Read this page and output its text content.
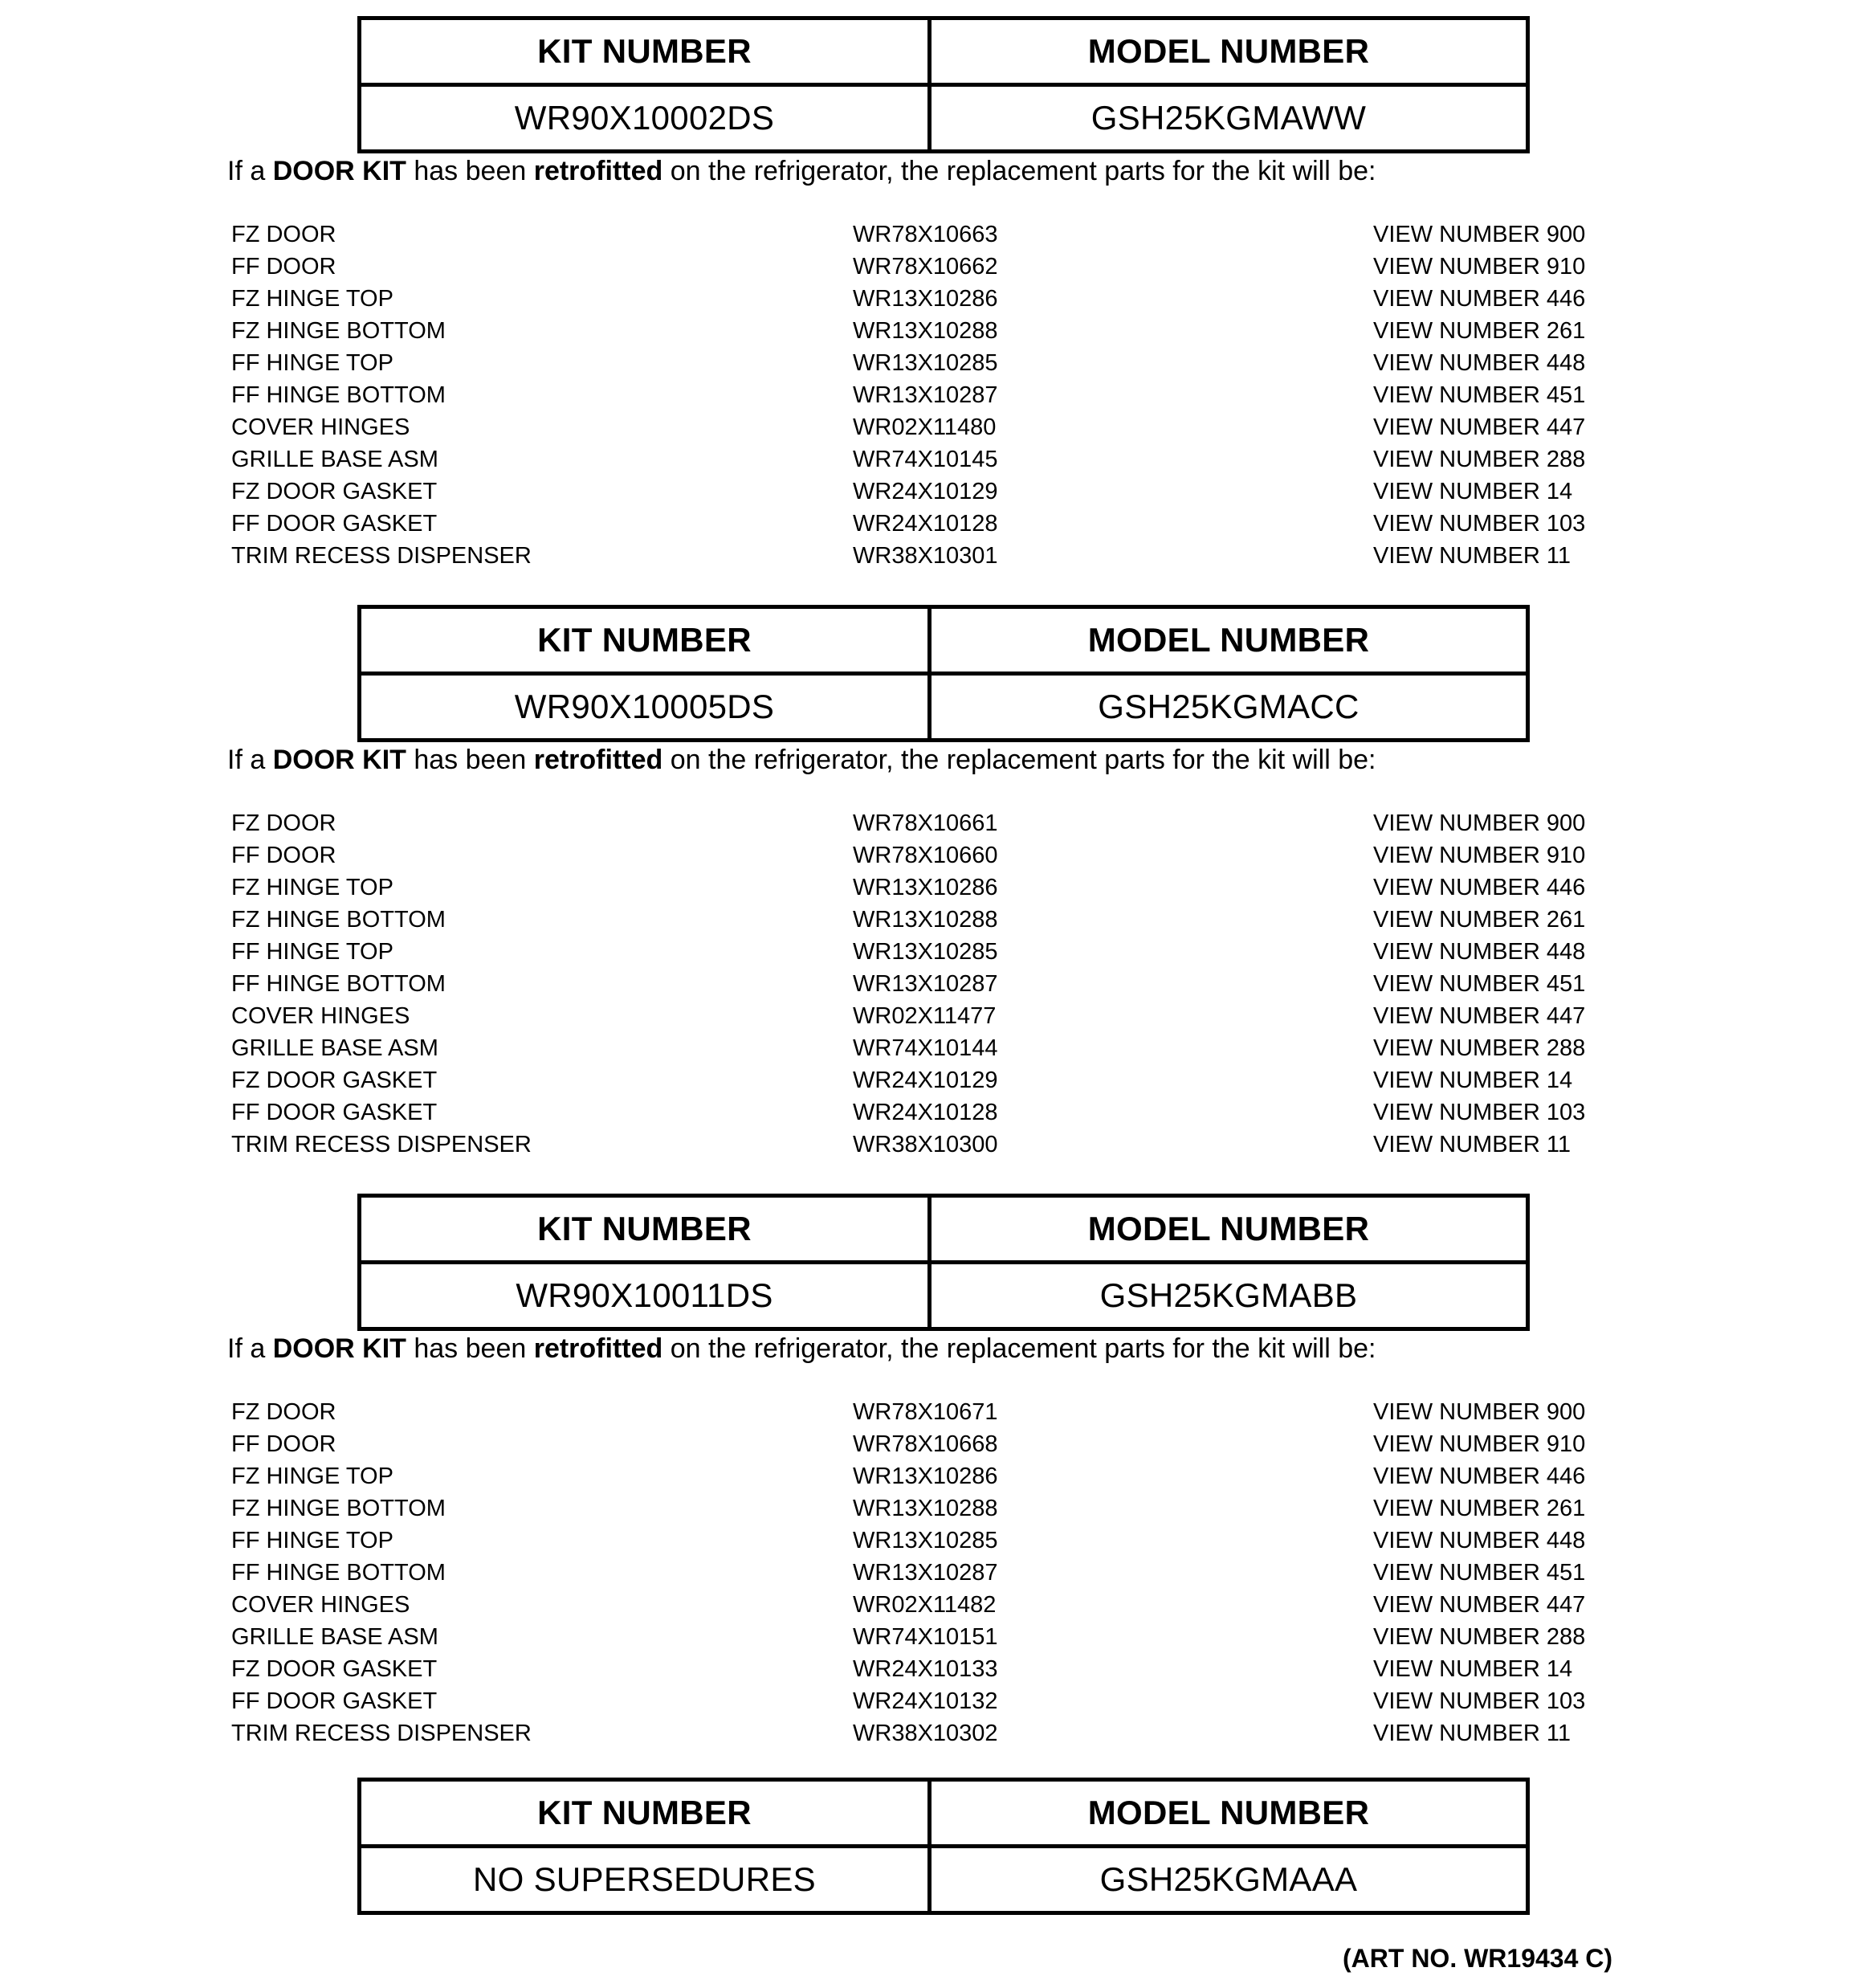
KIT NUMBER	MODEL NUMBER
WR90X10002DS	GSH25KGMAWW
If a DOOR KIT has been retrofitted on the refrigerator, the replacement parts for the kit will be:
FZ DOOR	WR78X10663	VIEW NUMBER 900
FF DOOR	WR78X10662	VIEW NUMBER 910
FZ HINGE TOP	WR13X10286	VIEW NUMBER 446
FZ HINGE BOTTOM	WR13X10288	VIEW NUMBER 261
FF HINGE TOP	WR13X10285	VIEW NUMBER 448
FF HINGE BOTTOM	WR13X10287	VIEW NUMBER 451
COVER HINGES	WR02X11480	VIEW NUMBER 447
GRILLE BASE ASM	WR74X10145	VIEW NUMBER 288
FZ DOOR GASKET	WR24X10129	VIEW NUMBER 14
FF DOOR GASKET	WR24X10128	VIEW NUMBER 103
TRIM RECESS DISPENSER	WR38X10301	VIEW NUMBER 11
KIT NUMBER	MODEL NUMBER
WR90X10005DS	GSH25KGMACC
If a DOOR KIT has been retrofitted on the refrigerator, the replacement parts for the kit will be:
FZ DOOR	WR78X10661	VIEW NUMBER 900
FF DOOR	WR78X10660	VIEW NUMBER 910
FZ HINGE TOP	WR13X10286	VIEW NUMBER 446
FZ HINGE BOTTOM	WR13X10288	VIEW NUMBER 261
FF HINGE TOP	WR13X10285	VIEW NUMBER 448
FF HINGE BOTTOM	WR13X10287	VIEW NUMBER 451
COVER HINGES	WR02X11477	VIEW NUMBER 447
GRILLE BASE ASM	WR74X10144	VIEW NUMBER 288
FZ DOOR GASKET	WR24X10129	VIEW NUMBER 14
FF DOOR GASKET	WR24X10128	VIEW NUMBER 103
TRIM RECESS DISPENSER	WR38X10300	VIEW NUMBER 11
KIT NUMBER	MODEL NUMBER
WR90X10011DS	GSH25KGMABB
If a DOOR KIT has been retrofitted on the refrigerator, the replacement parts for the kit will be:
FZ DOOR	WR78X10671	VIEW NUMBER 900
FF DOOR	WR78X10668	VIEW NUMBER 910
FZ HINGE TOP	WR13X10286	VIEW NUMBER 446
FZ HINGE BOTTOM	WR13X10288	VIEW NUMBER 261
FF HINGE TOP	WR13X10285	VIEW NUMBER 448
FF HINGE BOTTOM	WR13X10287	VIEW NUMBER 451
COVER HINGES	WR02X11482	VIEW NUMBER 447
GRILLE BASE ASM	WR74X10151	VIEW NUMBER 288
FZ DOOR GASKET	WR24X10133	VIEW NUMBER 14
FF DOOR GASKET	WR24X10132	VIEW NUMBER 103
TRIM RECESS DISPENSER	WR38X10302	VIEW NUMBER 11
KIT NUMBER	MODEL NUMBER
NO SUPERSEDURES	GSH25KGMAAA
(ART NO. WR19434 C)
